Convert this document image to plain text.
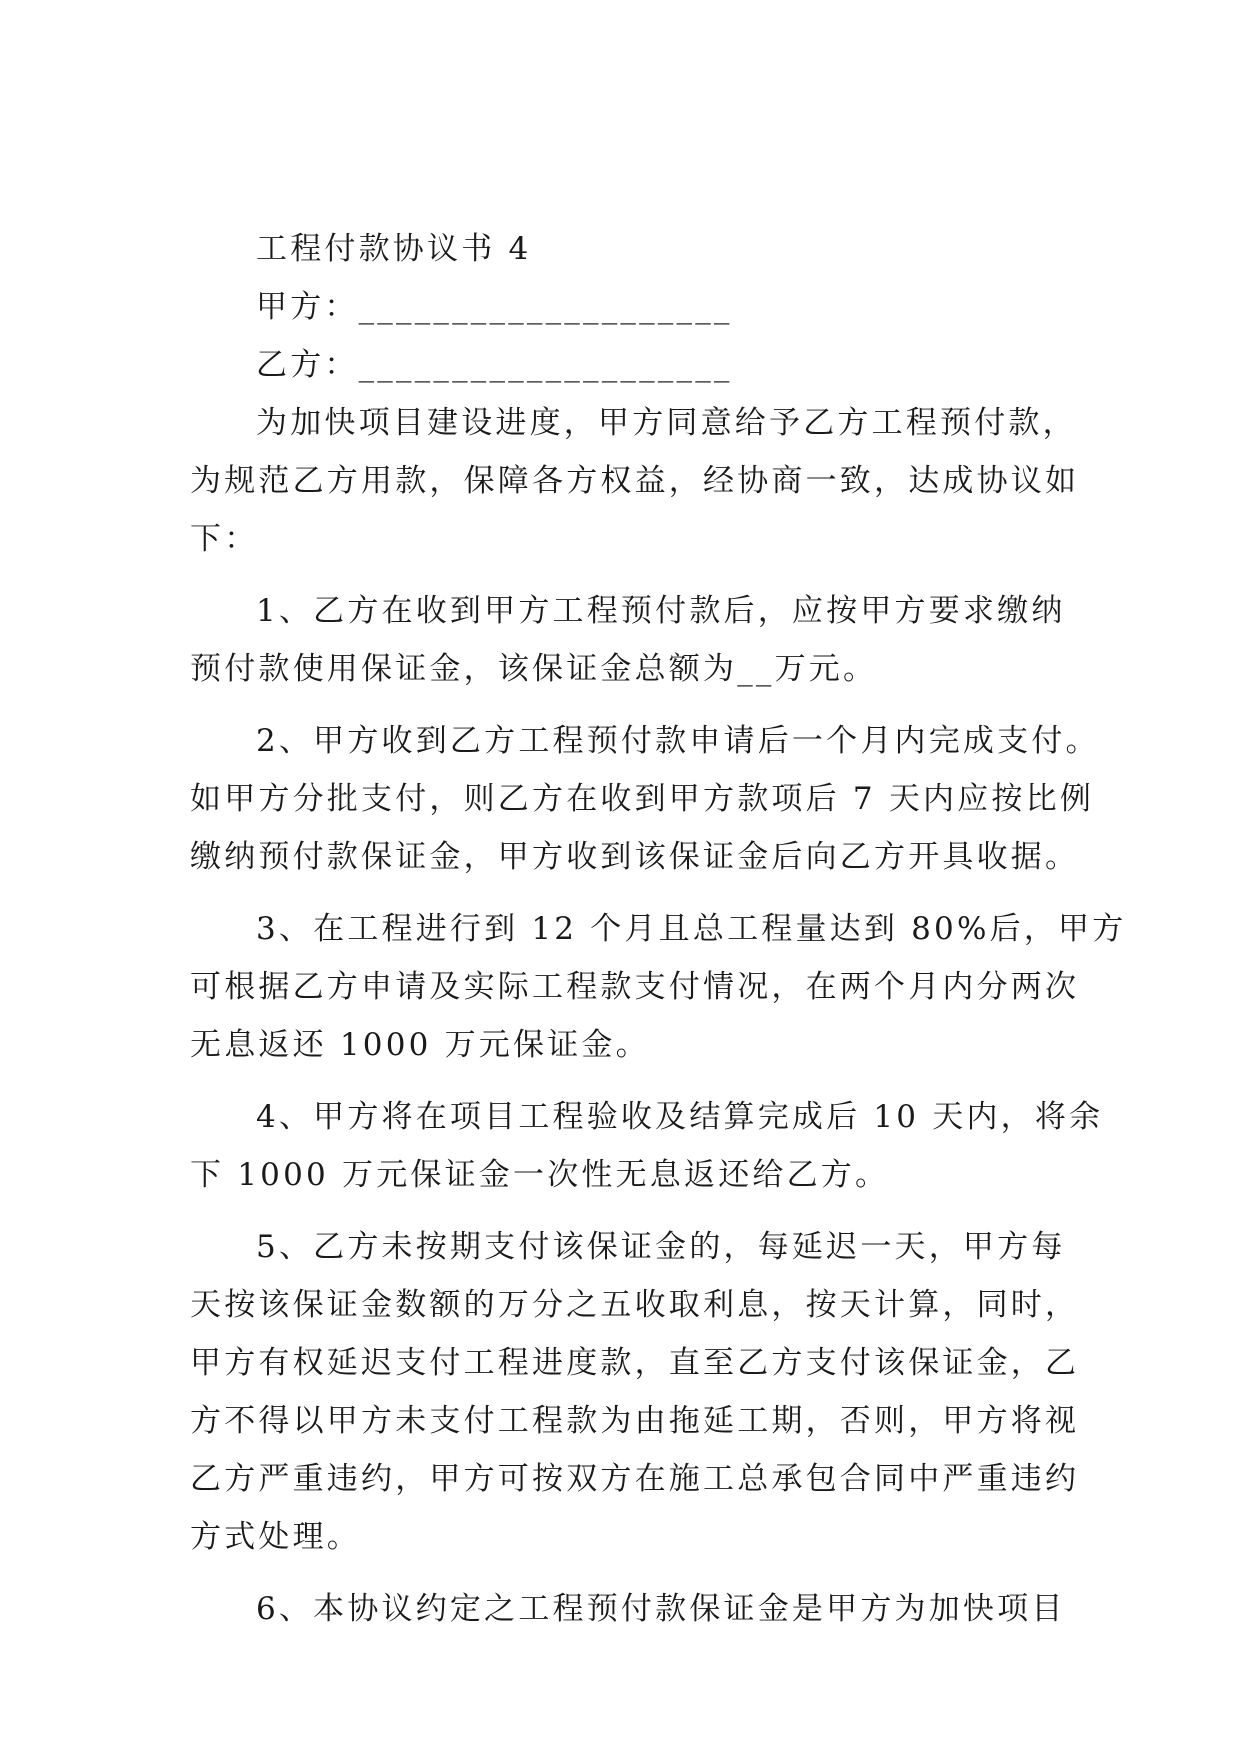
工程付款协议书 4
甲方：____________________
乙方：____________________
为加快项目建设进度，甲方同意给予乙方工程预付款，
为规范乙方用款，保障各方权益，经协商一致，达成协议如
下：
1、乙方在收到甲方工程预付款后，应按甲方要求缴纳
预付款使用保证金，该保证金总额为__万元。
2、甲方收到乙方工程预付款申请后一个月内完成支付。
如甲方分批支付，则乙方在收到甲方款项后 7 天内应按比例
缴纳预付款保证金，甲方收到该保证金后向乙方开具收据。
3、在工程进行到 12 个月且总工程量达到 80%后，甲方
可根据乙方申请及实际工程款支付情况，在两个月内分两次
无息返还 1000 万元保证金。
4、甲方将在项目工程验收及结算完成后 10 天内，将余
下 1000 万元保证金一次性无息返还给乙方。
5、乙方未按期支付该保证金的，每延迟一天，甲方每
天按该保证金数额的万分之五收取利息，按天计算，同时，
甲方有权延迟支付工程进度款，直至乙方支付该保证金，乙
方不得以甲方未支付工程款为由拖延工期，否则，甲方将视
乙方严重违约，甲方可按双方在施工总承包合同中严重违约
方式处理。
6、本协议约定之工程预付款保证金是甲方为加快项目
